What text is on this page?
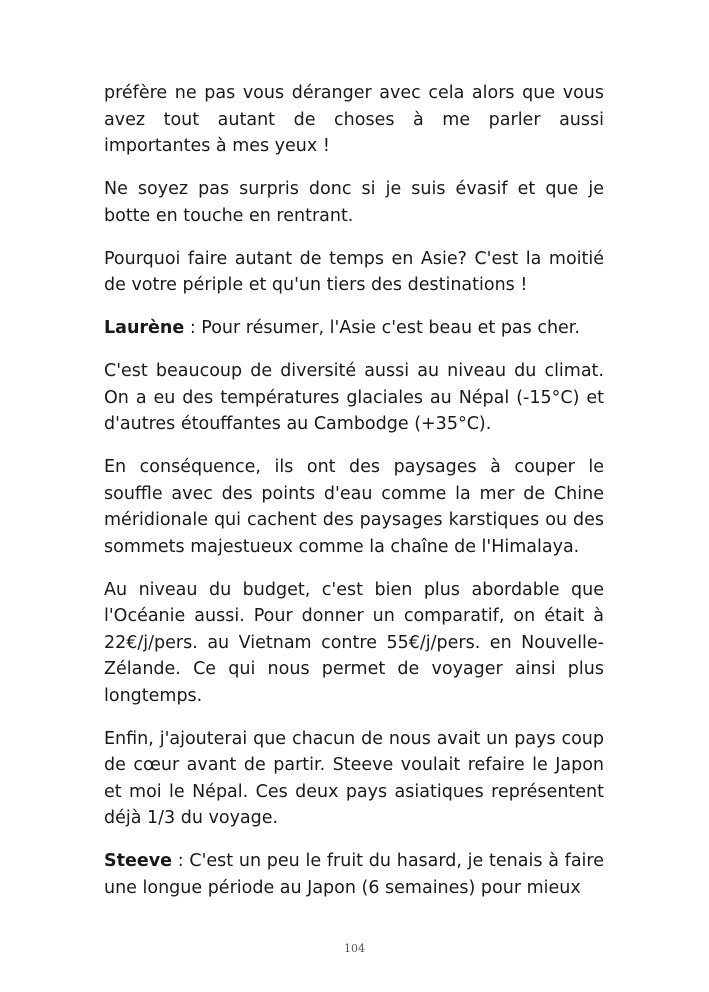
préfère ne pas vous déranger avec cela alors que vous avez tout autant de choses à me parler aussi importantes à mes yeux !

Ne soyez pas surpris donc si je suis évasif et que je botte en touche en rentrant.

Pourquoi faire autant de temps en Asie? C'est la moitié de votre périple et qu'un tiers des destinations !

Laurène : Pour résumer, l'Asie c'est beau et pas cher.

C'est beaucoup de diversité aussi au niveau du climat. On a eu des températures glaciales au Népal (-15°C) et d'autres étouffantes au Cambodge (+35°C).

En conséquence, ils ont des paysages à couper le souffle avec des points d'eau comme la mer de Chine méridionale qui cachent des paysages karstiques ou des sommets majestueux comme la chaîne de l'Himalaya.

Au niveau du budget, c'est bien plus abordable que l'Océanie aussi. Pour donner un comparatif, on était à 22€/j/pers. au Vietnam contre 55€/j/pers. en Nouvelle-Zélande. Ce qui nous permet de voyager ainsi plus longtemps.

Enfin, j'ajouterai que chacun de nous avait un pays coup de cœur avant de partir. Steeve voulait refaire le Japon et moi le Népal. Ces deux pays asiatiques représentent déjà 1/3 du voyage.

Steeve : C'est un peu le fruit du hasard, je tenais à faire une longue période au Japon (6 semaines) pour mieux

104
